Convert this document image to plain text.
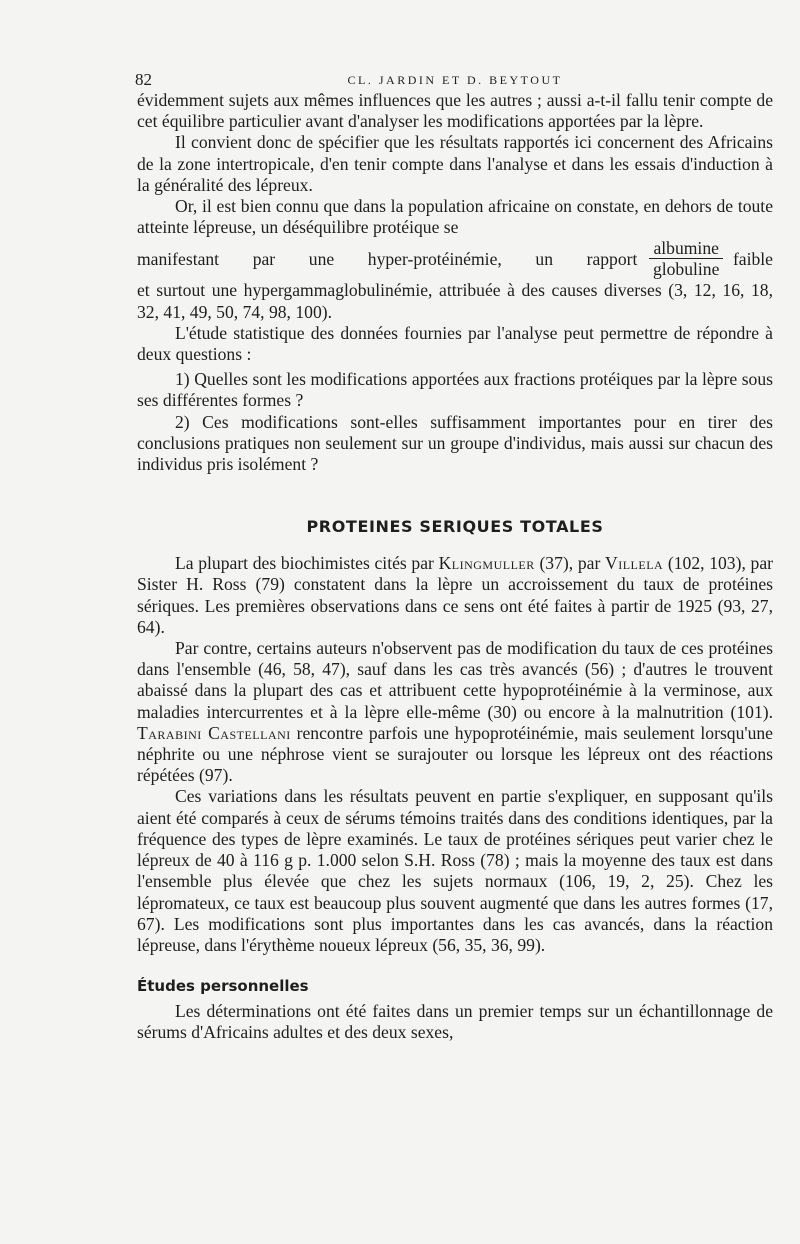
82	CL. JARDIN ET D. BEYTOUT

évidemment sujets aux mêmes influences que les autres ; aussi a-t-il fallu tenir compte de cet équilibre particulier avant d'analyser les modifications apportées par la lèpre.

Il convient donc de spécifier que les résultats rapportés ici concernent des Africains de la zone intertropicale, d'en tenir compte dans l'analyse et dans les essais d'induction à la généralité des lépreux.

Or, il est bien connu que dans la population africaine on constate, en dehors de toute atteinte lépreuse, un déséquilibre protéique se

manifestant par une hyper-protéinémie, un rapport $\frac{\text{albumine}}{\text{globuline}}$ faible

et surtout une hypergammaglobulinémie, attribuée à des causes diverses (3, 12, 16, 18, 32, 41, 49, 50, 74, 98, 100).

L'étude statistique des données fournies par l'analyse peut permettre de répondre à deux questions :

1) Quelles sont les modifications apportées aux fractions protéiques par la lèpre sous ses différentes formes ?

2) Ces modifications sont-elles suffisamment importantes pour en tirer des conclusions pratiques non seulement sur un groupe d'individus, mais aussi sur chacun des individus pris isolément ?

PROTEINES SERIQUES TOTALES

La plupart des biochimistes cités par Klingmuller (37), par Villela (102, 103), par Sister H. Ross (79) constatent dans la lèpre un accroissement du taux de protéines sériques. Les premières observations dans ce sens ont été faites à partir de 1925 (93, 27, 64).

Par contre, certains auteurs n'observent pas de modification du taux de ces protéines dans l'ensemble (46, 58, 47), sauf dans les cas très avancés (56) ; d'autres le trouvent abaissé dans la plupart des cas et attribuent cette hypoprotéinémie à la verminose, aux maladies intercurrentes et à la lèpre elle-même (30) ou encore à la malnutrition (101). Tarabini Castellani rencontre parfois une hypoprotéinémie, mais seulement lorsqu'une néphrite ou une néphrose vient se surajouter ou lorsque les lépreux ont des réactions répétées (97).

Ces variations dans les résultats peuvent en partie s'expliquer, en supposant qu'ils aient été comparés à ceux de sérums témoins traités dans des conditions identiques, par la fréquence des types de lèpre examinés. Le taux de protéines sériques peut varier chez le lépreux de 40 à 116 g p. 1.000 selon S.H. Ross (78) ; mais la moyenne des taux est dans l'ensemble plus élevée que chez les sujets normaux (106, 19, 2, 25). Chez les lépromateux, ce taux est beaucoup plus souvent augmenté que dans les autres formes (17, 67). Les modifications sont plus importantes dans les cas avancés, dans la réaction lépreuse, dans l'érythème noueux lépreux (56, 35, 36, 99).

Études personnelles

Les déterminations ont été faites dans un premier temps sur un échantillonnage de sérums d'Africains adultes et des deux sexes,
